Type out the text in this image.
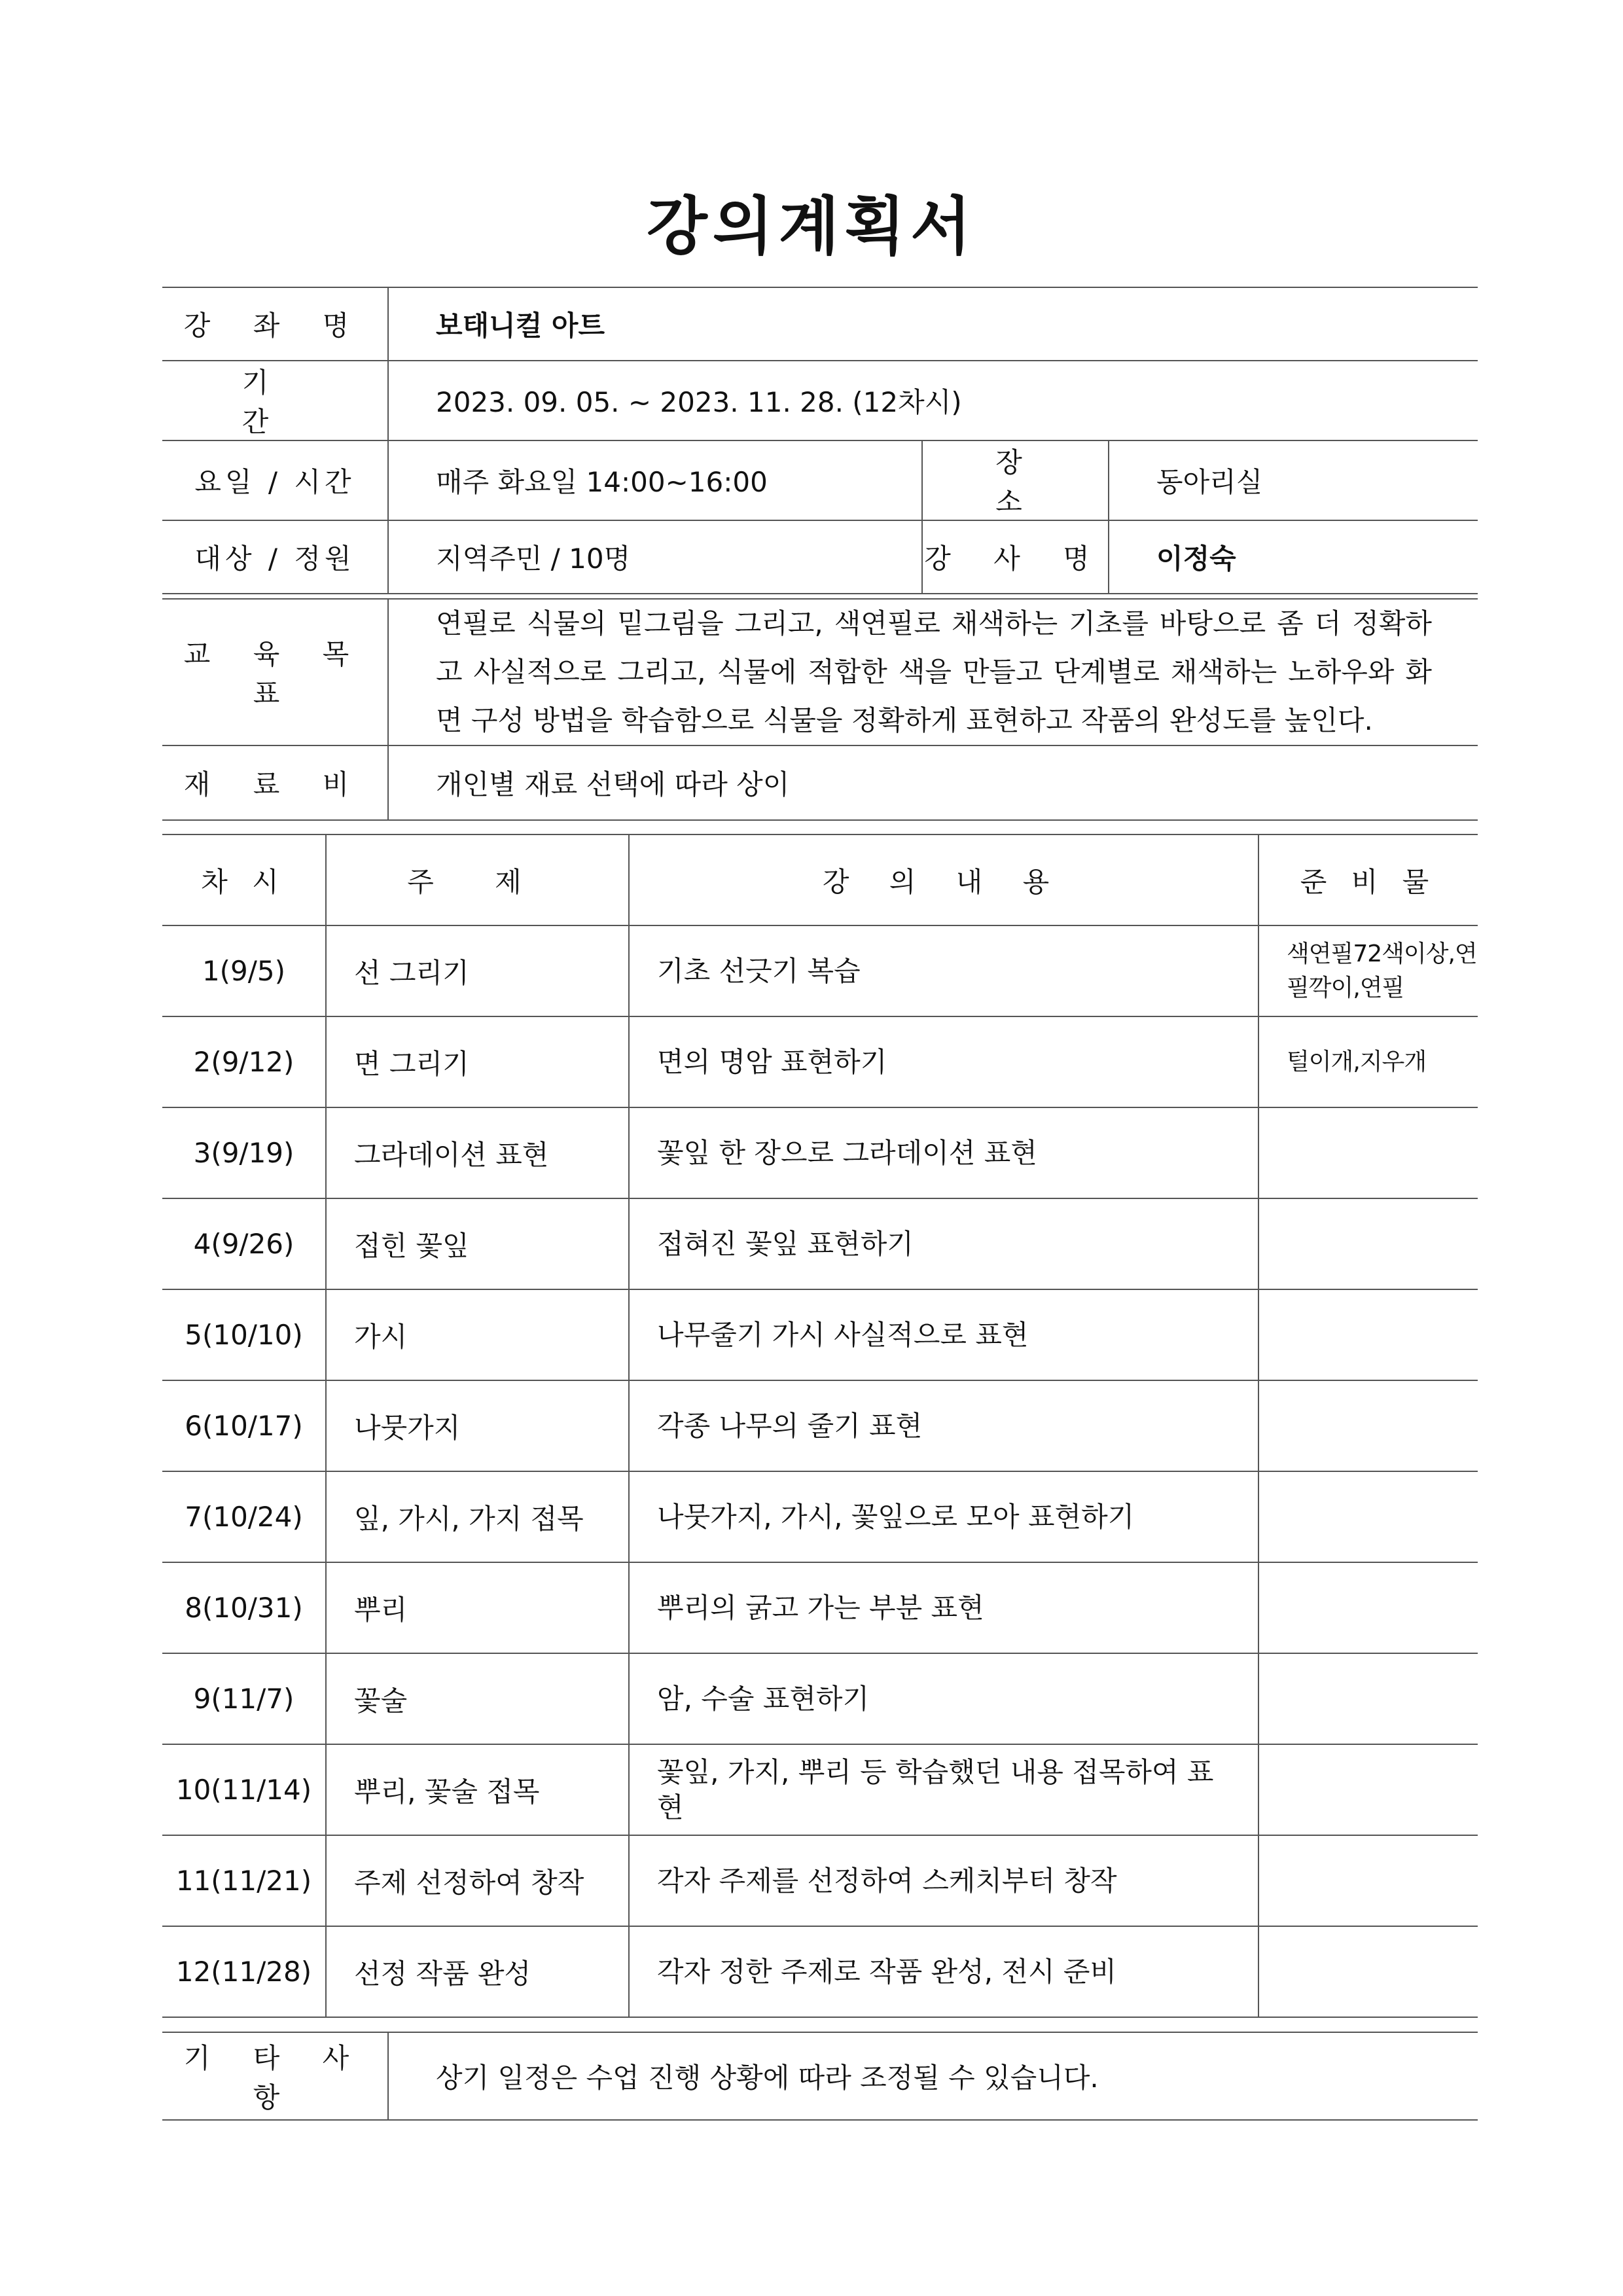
강의계획서
강 좌 명	보태니컬 아트		
기 간	2023. 09. 05. ~ 2023. 11. 28. (12차시)		
요일 / 시간	매주 화요일 14:00~16:00	장 소	동아리실
대상 / 정원	지역주민 / 10명	강 사 명	이정숙
교 육 목 표	연필로 식물의 밑그림을 그리고, 색연필로 채색하는 기초를 바탕으로 좀 더 정확하고 사실적으로 그리고, 식물에 적합한 색을 만들고 단계별로 채색하는 노하우와 화면 구성 방법을 학습함으로 식물을 정확하게 표현하고 작품의 완성도를 높인다.
재 료 비	개인별 재료 선택에 따라 상이
차 시	주 제	강 의 내 용	준 비 물
1(9/5)	선 그리기	기초 선긋기 복습	색연필72색이상,연필깍이,연필
2(9/12)	면 그리기	면의 명암 표현하기	털이개,지우개
3(9/19)	그라데이션 표현	꽃잎 한 장으로 그라데이션 표현	
4(9/26)	접힌 꽃잎	접혀진 꽃잎 표현하기	
5(10/10)	가시	나무줄기 가시 사실적으로 표현	
6(10/17)	나뭇가지	각종 나무의 줄기 표현	
7(10/24)	잎, 가시, 가지 접목	나뭇가지, 가시, 꽃잎으로 모아 표현하기	
8(10/31)	뿌리	뿌리의 굵고 가는 부분 표현	
9(11/7)	꽃술	암, 수술 표현하기	
10(11/14)	뿌리, 꽃술 접목	꽃잎, 가지, 뿌리 등 학습했던 내용 접목하여 표현	
11(11/21)	주제 선정하여 창작	각자 주제를 선정하여 스케치부터 창작	
12(11/28)	선정 작품 완성	각자 정한 주제로 작품 완성, 전시 준비	
기 타 사 항	상기 일정은 수업 진행 상황에 따라 조정될 수 있습니다.
